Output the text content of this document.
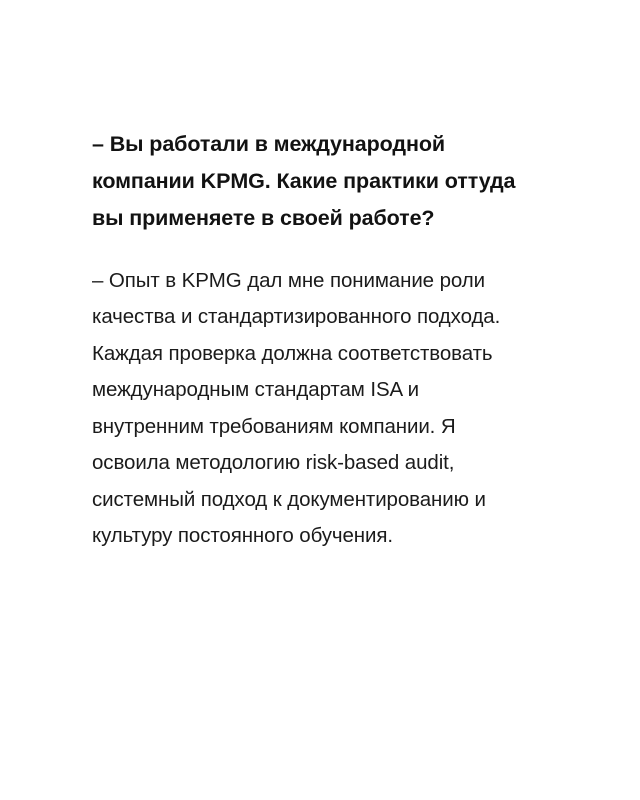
– Вы работали в международной компании KPMG. Какие практики оттуда вы применяете в своей работе?

– Опыт в KPMG дал мне понимание роли качества и стандартизированного подхода. Каждая проверка должна соответствовать международным стандартам ISA и внутренним требованиям компании. Я освоила методологию risk-based audit, системный подход к документированию и культуру постоянного обучения.
